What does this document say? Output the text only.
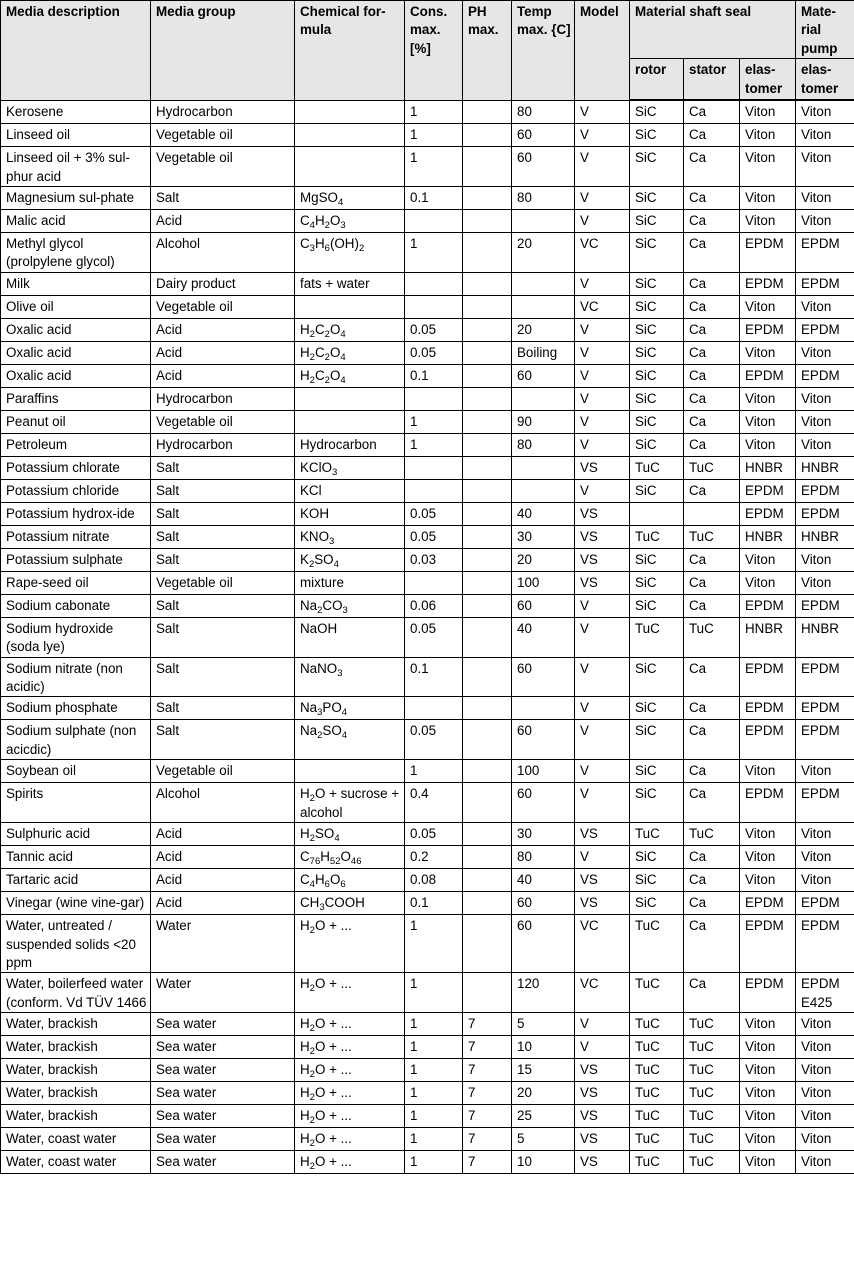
Media description	Media group	Chemical for-mula	Cons. max. [%]	PH max.	Temp max. {C]	Model	Material shaft seal			Mate-rial pump
							rotor	stator	elas-tomer	elas-tomer
Kerosene	Hydrocarbon		1		80	V	SiC	Ca	Viton	Viton
Linseed oil	Vegetable oil		1		60	V	SiC	Ca	Viton	Viton
Linseed oil + 3% sul-phur acid	Vegetable oil		1		60	V	SiC	Ca	Viton	Viton
Magnesium sul-phate	Salt	MgSO$_4$	0.1		80	V	SiC	Ca	Viton	Viton
Malic acid	Acid	$C_4H_2O_3$				V	SiC	Ca	Viton	Viton
Methyl glycol (prolpylene glycol)	Alcohol	$C_3H_6(OH)_2$	1		20	VC	SiC	Ca	EPDM	EPDM
Milk	Dairy product	fats + water				V	SiC	Ca	EPDM	EPDM
Olive oil	Vegetable oil					VC	SiC	Ca	Viton	Viton
Oxalic acid	Acid	$H_2C_2O_4$	0.05		20	V	SiC	Ca	EPDM	EPDM
Oxalic acid	Acid	$H_2C_2O_4$	0.05		Boiling	V	SiC	Ca	Viton	Viton
Oxalic acid	Acid	$H_2C_2O_4$	0.1		60	V	SiC	Ca	EPDM	EPDM
Paraffins	Hydrocarbon					V	SiC	Ca	Viton	Viton
Peanut oil	Vegetable oil		1		90	V	SiC	Ca	Viton	Viton
Petroleum	Hydrocarbon	Hydrocarbon	1		80	V	SiC	Ca	Viton	Viton
Potassium chlorate	Salt	KClO$_3$				VS	TuC	TuC	HNBR	HNBR
Potassium chloride	Salt	KCl				V	SiC	Ca	EPDM	EPDM
Potassium hydrox-ide	Salt	KOH	0.05		40	VS			EPDM	EPDM
Potassium nitrate	Salt	$KNO_3$	0.05		30	VS	TuC	TuC	HNBR	HNBR
Potassium sulphate	Salt	$K_2SO_4$	0.03		20	VS	SiC	Ca	Viton	Viton
Rape-seed oil	Vegetable oil	mixture			100	VS	SiC	Ca	Viton	Viton
Sodium cabonate	Salt	$Na_2CO_3$	0.06		60	V	SiC	Ca	EPDM	EPDM
Sodium hydroxide (soda lye)	Salt	NaOH	0.05		40	V	TuC	TuC	HNBR	HNBR
Sodium nitrate (non acidic)	Salt	NaNO$_3$	0.1		60	V	SiC	Ca	EPDM	EPDM
Sodium phosphate	Salt	$Na_3PO_4$				V	SiC	Ca	EPDM	EPDM
Sodium sulphate (non acicdic)	Salt	$Na_2SO_4$	0.05		60	V	SiC	Ca	EPDM	EPDM
Soybean oil	Vegetable oil		1		100	V	SiC	Ca	Viton	Viton
Spirits	Alcohol	$H_2O$ + sucrose + alcohol	0.4		60	V	SiC	Ca	EPDM	EPDM
Sulphuric acid	Acid	$H_2SO_4$	0.05		30	VS	TuC	TuC	Viton	Viton
Tannic acid	Acid	$C_{76}H_{52}O_{46}$	0.2		80	V	SiC	Ca	Viton	Viton
Tartaric acid	Acid	$C_4H_6O_6$	0.08		40	VS	SiC	Ca	Viton	Viton
Vinegar (wine vine-gar)	Acid	$CH_3COOH$	0.1		60	VS	SiC	Ca	EPDM	EPDM
Water, untreated / suspended solids <20 ppm	Water	$H_2O$ + ...	1		60	VC	TuC	Ca	EPDM	EPDM
Water, boilerfeed water (conform. Vd TÜV 1466	Water	$H_2O$ + ...	1		120	VC	TuC	Ca	EPDM	EPDM E425
Water, brackish	Sea water	$H_2O$ + ...	1	7	5	V	TuC	TuC	Viton	Viton
Water, brackish	Sea water	$H_2O$ + ...	1	7	10	V	TuC	TuC	Viton	Viton
Water, brackish	Sea water	$H_2O$ + ...	1	7	15	VS	TuC	TuC	Viton	Viton
Water, brackish	Sea water	$H_2O$ + ...	1	7	20	VS	TuC	TuC	Viton	Viton
Water, brackish	Sea water	$H_2O$ + ...	1	7	25	VS	TuC	TuC	Viton	Viton
Water, coast water	Sea water	$H_2O$ + ...	1	7	5	VS	TuC	TuC	Viton	Viton
Water, coast water	Sea water	$H_2O$ + ...	1	7	10	VS	TuC	TuC	Viton	Viton
